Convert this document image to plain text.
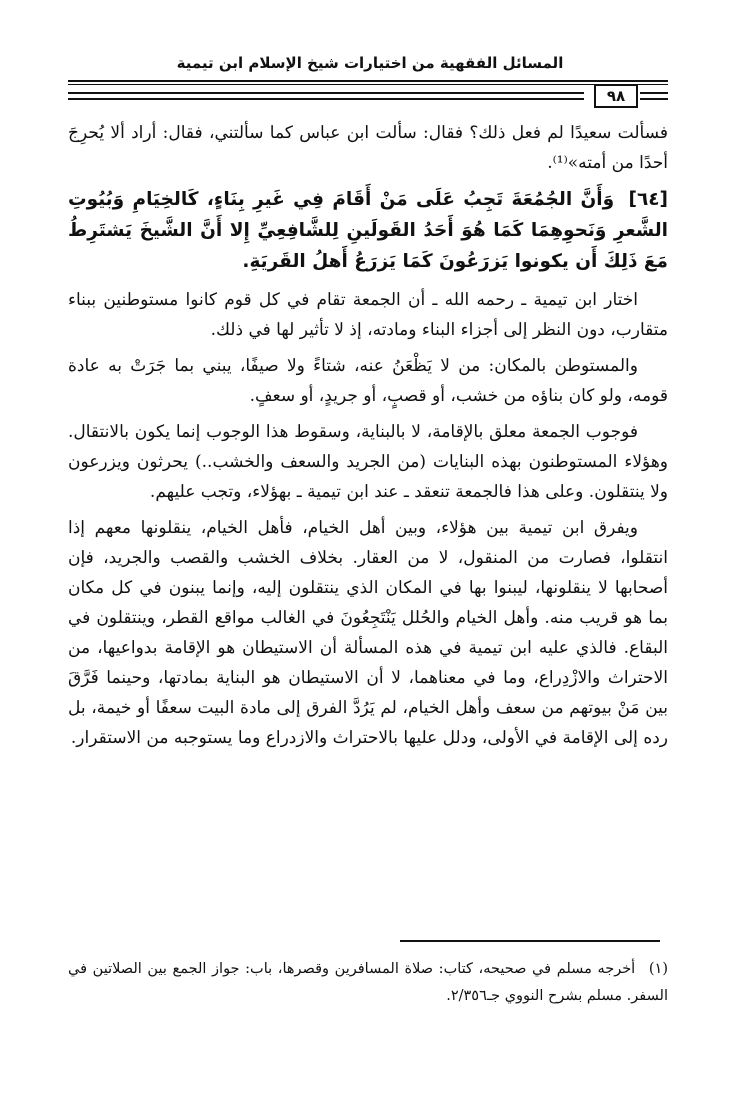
المسائل الفقهية من اختيارات شيخ الإسلام ابن تيمية
٩٨

فسألت سعيدًا لم فعل ذلك؟ فقال: سألت ابن عباس كما سألتني، فقال: أراد ألا يُحرِجَ أحدًا من أمته»⁽¹⁾.

[٦٤] وَأَنَّ الجُمُعَةَ تَجِبُ عَلَى مَنْ أَقَامَ فِي غَيرِ بِنَاءٍ، كَالخِيَامِ وَبُيُوتِ الشَّعرِ وَنَحوِهِمَا كَمَا هُوَ أَحَدُ القَولَينِ لِلشَّافِعِيِّ إِلا أَنَّ الشَّيخَ يَشتَرِطُ مَعَ ذَلِكَ أَن يكونوا يَزرَعُونَ كَمَا يَزرَعُ أَهلُ القَريَةِ.

اختار ابن تيمية ـ رحمه الله ـ أن الجمعة تقام في كل قوم كانوا مستوطنين ببناء متقارب، دون النظر إلى أجزاء البناء ومادته، إذ لا تأثير لها في ذلك.

والمستوطن بالمكان: من لا يَظْعَنُ عنه، شتاءً ولا صيفًا، يبني بما جَرَتْ به عادة قومه، ولو كان بناؤه من خشب، أو قصبٍ، أو جريدٍ، أو سعفٍ.

فوجوب الجمعة معلق بالإقامة، لا بالبناية، وسقوط هذا الوجوب إنما يكون بالانتقال. وهؤلاء المستوطنون بهذه البنايات (من الجريد والسعف والخشب..) يحرثون ويزرعون ولا ينتقلون. وعلى هذا فالجمعة تنعقد ـ عند ابن تيمية ـ بهؤلاء، وتجب عليهم.

ويفرق ابن تيمية بين هؤلاء، وبين أهل الخيام، فأهل الخيام، ينقلونها معهم إذا انتقلوا، فصارت من المنقول، لا من العقار. بخلاف الخشب والقصب والجريد، فإن أصحابها لا ينقلونها، ليبنوا بها في المكان الذي ينتقلون إليه، وإنما يبنون في كل مكان بما هو قريب منه. وأهل الخيام والحُلل يَنْتَجِعُونَ في الغالب مواقع القطر، وينتقلون في البقاع. فالذي عليه ابن تيمية في هذه المسألة أن الاستيطان هو الإقامة بدواعيها، من الاحتراث والازْدِراع، وما في معناهما، لا أن الاستيطان هو البناية بمادتها، وحينما فَرَّقَ بين مَنْ بيوتهم من سعف وأهل الخيام، لم يَرُدَّ الفرق إلى مادة البيت سعفًا أو خيمة، بل رده إلى الإقامة في الأولى، ودلل عليها بالاحتراث والازدراع وما يستوجبه من الاستقرار.

(١) أخرجه مسلم في صحيحه، كتاب: صلاة المسافرين وقصرها، باب: جواز الجمع بين الصلاتين في السفر. مسلم بشرح النووي جـ٢/٣٥٦.
